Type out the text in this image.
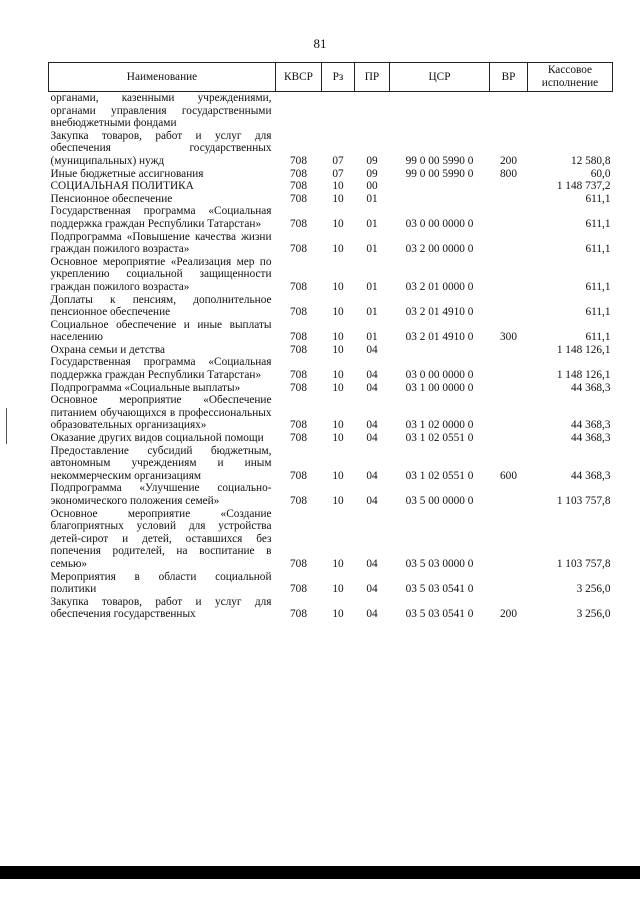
81
Наименование	КВСР	Рз	ПР	ЦСР	ВР	Кассовое исполнение
органами, казенными учреждениями, органами управления государственными внебюджетными фондами						
Закупка товаров, работ и услуг для обеспечения государственных (муниципальных) нужд	708	07	09	99 0 00 5990 0	200	12 580,8
Иные бюджетные ассигнования	708	07	09	99 0 00 5990 0	800	60,0
СОЦИАЛЬНАЯ ПОЛИТИКА	708	10	00			1 148 737,2
Пенсионное обеспечение	708	10	01			611,1
Государственная программа «Социальная поддержка граждан Республики Татарстан»	708	10	01	03 0 00 0000 0		611,1
Подпрограмма «Повышение качества жизни граждан пожилого возраста»	708	10	01	03 2 00 0000 0		611,1
Основное мероприятие «Реализация мер по укреплению социальной защищенности граждан пожилого возраста»	708	10	01	03 2 01 0000 0		611,1
Доплаты к пенсиям, дополнительное пенсионное обеспечение	708	10	01	03 2 01 4910 0		611,1
Социальное обеспечение и иные выплаты населению	708	10	01	03 2 01 4910 0	300	611,1
Охрана семьи и детства	708	10	04			1 148 126,1
Государственная программа «Социальная поддержка граждан Республики Татарстан»	708	10	04	03 0 00 0000 0		1 148 126,1
Подпрограмма «Социальные выплаты»	708	10	04	03 1 00 0000 0		44 368,3
Основное мероприятие «Обеспечение питанием обучающихся в профессиональных образовательных организациях»	708	10	04	03 1 02 0000 0		44 368,3
Оказание других видов социальной помощи	708	10	04	03 1 02 0551 0		44 368,3
Предоставление субсидий бюджетным, автономным учреждениям и иным некоммерческим организациям	708	10	04	03 1 02 0551 0	600	44 368,3
Подпрограмма «Улучшение социально-экономического положения семей»	708	10	04	03 5 00 0000 0		1 103 757,8
Основное мероприятие «Создание благоприятных условий для устройства детей-сирот и детей, оставшихся без попечения родителей, на воспитание в семью»	708	10	04	03 5 03 0000 0		1 103 757,8
Мероприятия в области социальной политики	708	10	04	03 5 03 0541 0		3 256,0
Закупка товаров, работ и услуг для обеспечения государственных	708	10	04	03 5 03 0541 0	200	3 256,0
